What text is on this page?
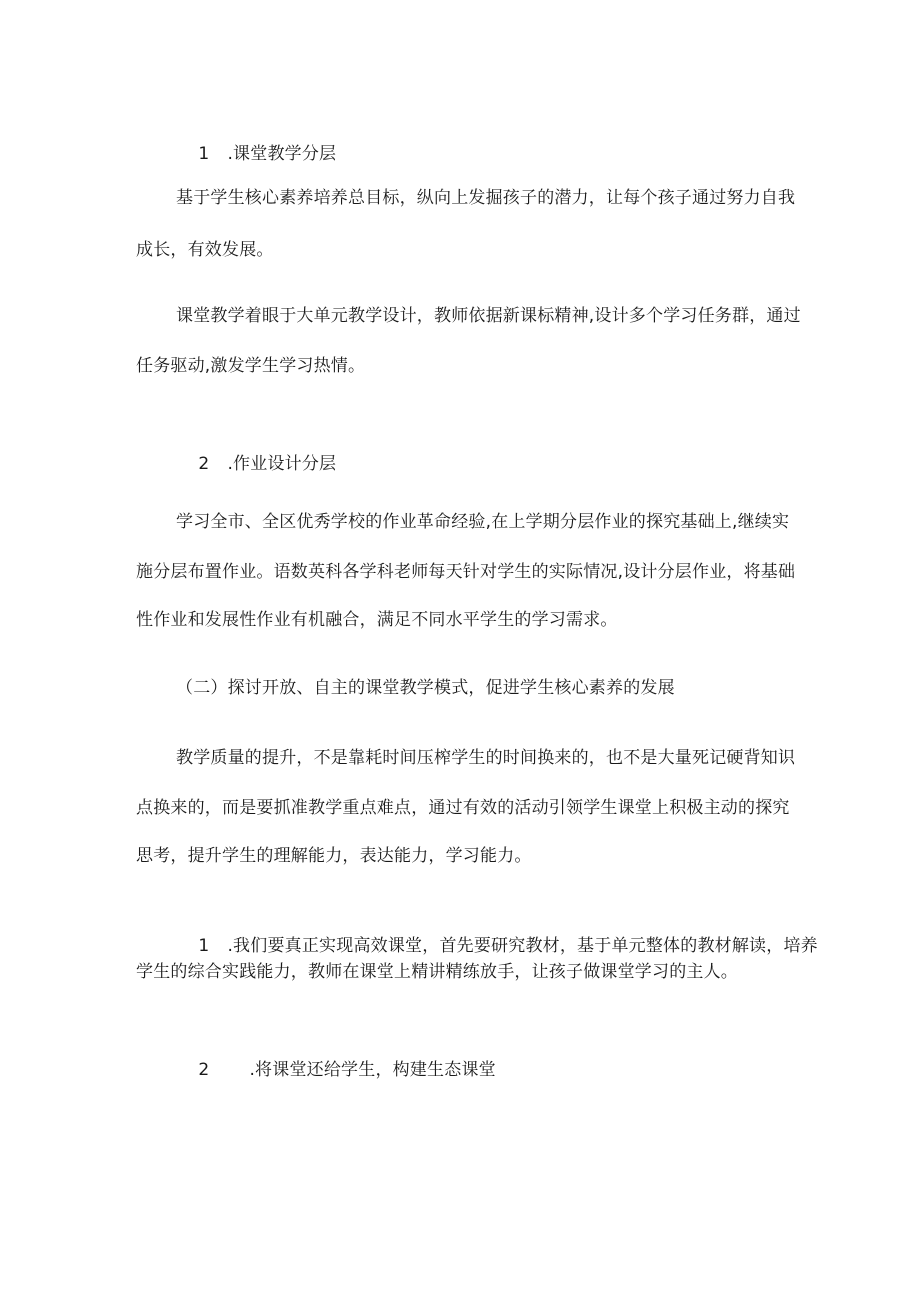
1 .课堂教学分层

基于学生核心素养培养总目标，纵向上发掘孩子的潜力，让每个孩子通过努力自我
成长，有效发展。
课堂教学着眼于大单元教学设计，教师依据新课标精神,设计多个学习任务群，通过
任务驱动,激发学生学习热情。

2 .作业设计分层

学习全市、全区优秀学校的作业革命经验,在上学期分层作业的探究基础上,继续实
施分层布置作业。语数英科各学科老师每天针对学生的实际情况,设计分层作业，将基础
性作业和发展性作业有机融合，满足不同水平学生的学习需求。
（二）探讨开放、自主的课堂教学模式，促进学生核心素养的发展
教学质量的提升，不是靠耗时间压榨学生的时间换来的，也不是大量死记硬背知识
点换来的，而是要抓准教学重点难点，通过有效的活动引领学生课堂上积极主动的探究
思考，提升学生的理解能力，表达能力，学习能力。

1 .我们要真正实现高效课堂，首先要研究教材，基于单元整体的教材解读，培养

学生的综合实践能力，教师在课堂上精讲精练放手，让孩子做课堂学习的主人。

2 .将课堂还给学生，构建生态课堂
